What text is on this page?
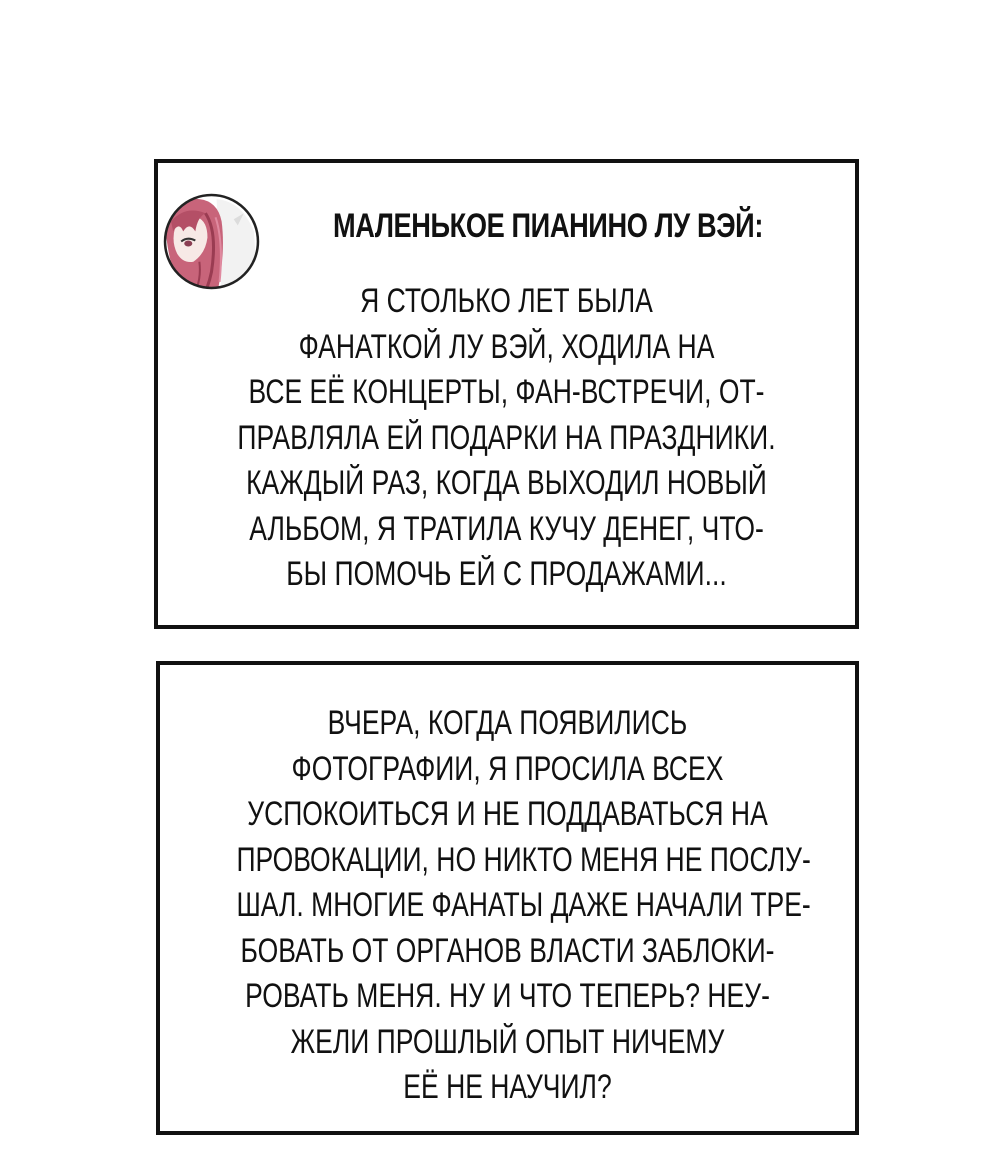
МАЛЕНЬКОЕ ПИАНИНО ЛУ ВЭЙ:
Я СТОЛЬКО ЛЕТ БЫЛА
ФАНАТКОЙ ЛУ ВЭЙ, ХОДИЛА НА
ВСЕ ЕЁ КОНЦЕРТЫ, ФАН-ВСТРЕЧИ, ОТ-
ПРАВЛЯЛА ЕЙ ПОДАРКИ НА ПРАЗДНИКИ.
КАЖДЫЙ РАЗ, КОГДА ВЫХОДИЛ НОВЫЙ
АЛЬБОМ, Я ТРАТИЛА КУЧУ ДЕНЕГ, ЧТО-
БЫ ПОМОЧЬ ЕЙ С ПРОДАЖАМИ...
ВЧЕРА, КОГДА ПОЯВИЛИСЬ
ФОТОГРАФИИ, Я ПРОСИЛА ВСЕХ
УСПОКОИТЬСЯ И НЕ ПОДДАВАТЬСЯ НА
ПРОВОКАЦИИ, НО НИКТО МЕНЯ НЕ ПОСЛУ-
ШАЛ. МНОГИЕ ФАНАТЫ ДАЖЕ НАЧАЛИ ТРЕ-
БОВАТЬ ОТ ОРГАНОВ ВЛАСТИ ЗАБЛОКИ-
РОВАТЬ МЕНЯ. НУ И ЧТО ТЕПЕРЬ? НЕУ-
ЖЕЛИ ПРОШЛЫЙ ОПЫТ НИЧЕМУ
ЕЁ НЕ НАУЧИЛ?
